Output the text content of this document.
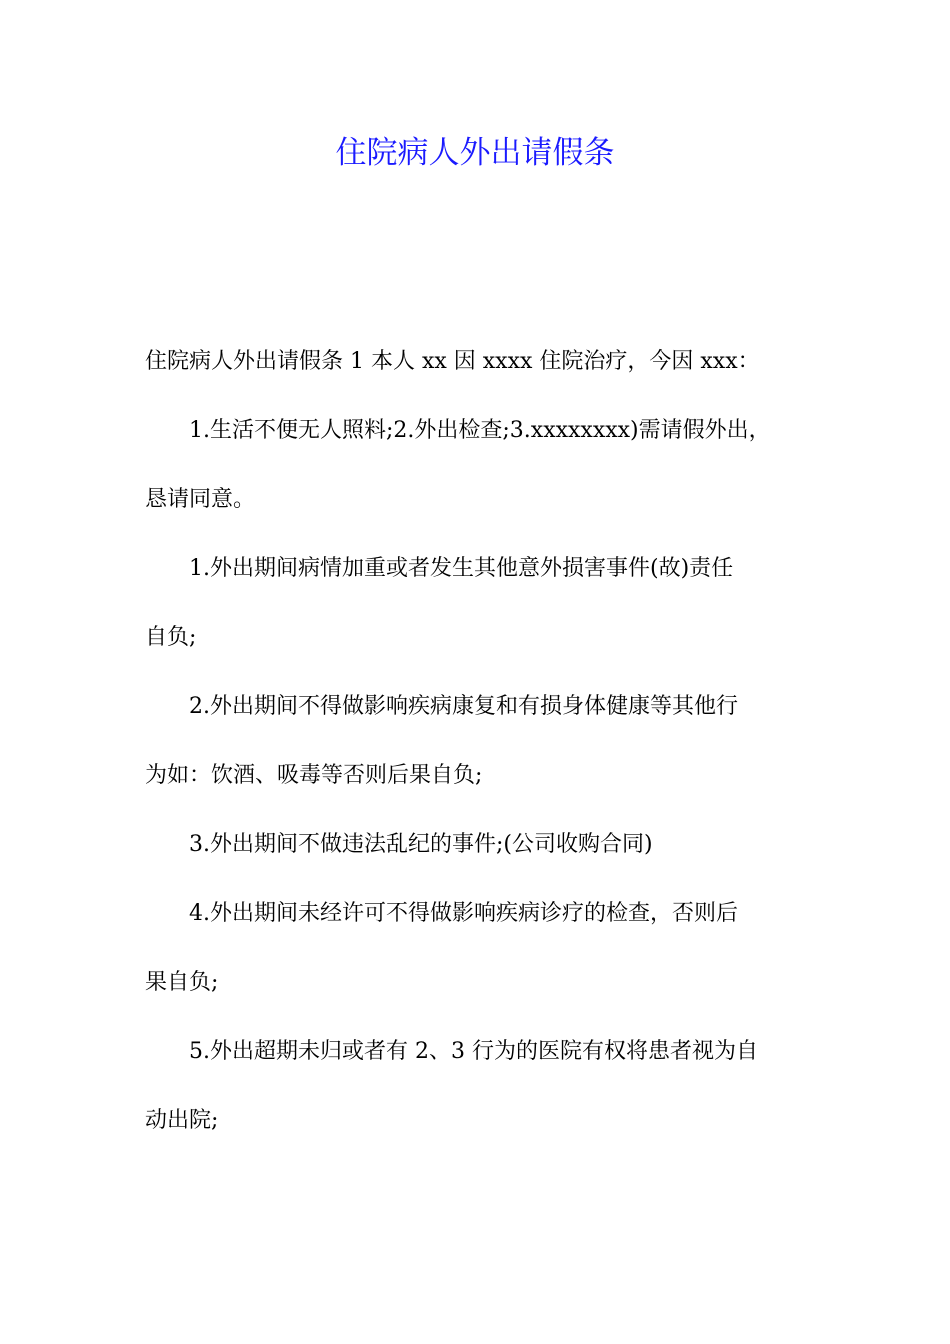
住院病人外出请假条

住院病人外出请假条 1 本人 xx 因 xxxx 住院治疗，今因 xxx：

1.生活不便无人照料;2.外出检查;3.xxxxxxxx)需请假外出，
恳请同意。

1.外出期间病情加重或者发生其他意外损害事件(故)责任
自负;

2.外出期间不得做影响疾病康复和有损身体健康等其他行
为如：饮酒、吸毒等否则后果自负;

3.外出期间不做违法乱纪的事件;(公司收购合同)

4.外出期间未经许可不得做影响疾病诊疗的检查，否则后
果自负;

5.外出超期未归或者有 2、3 行为的医院有权将患者视为自
动出院;
